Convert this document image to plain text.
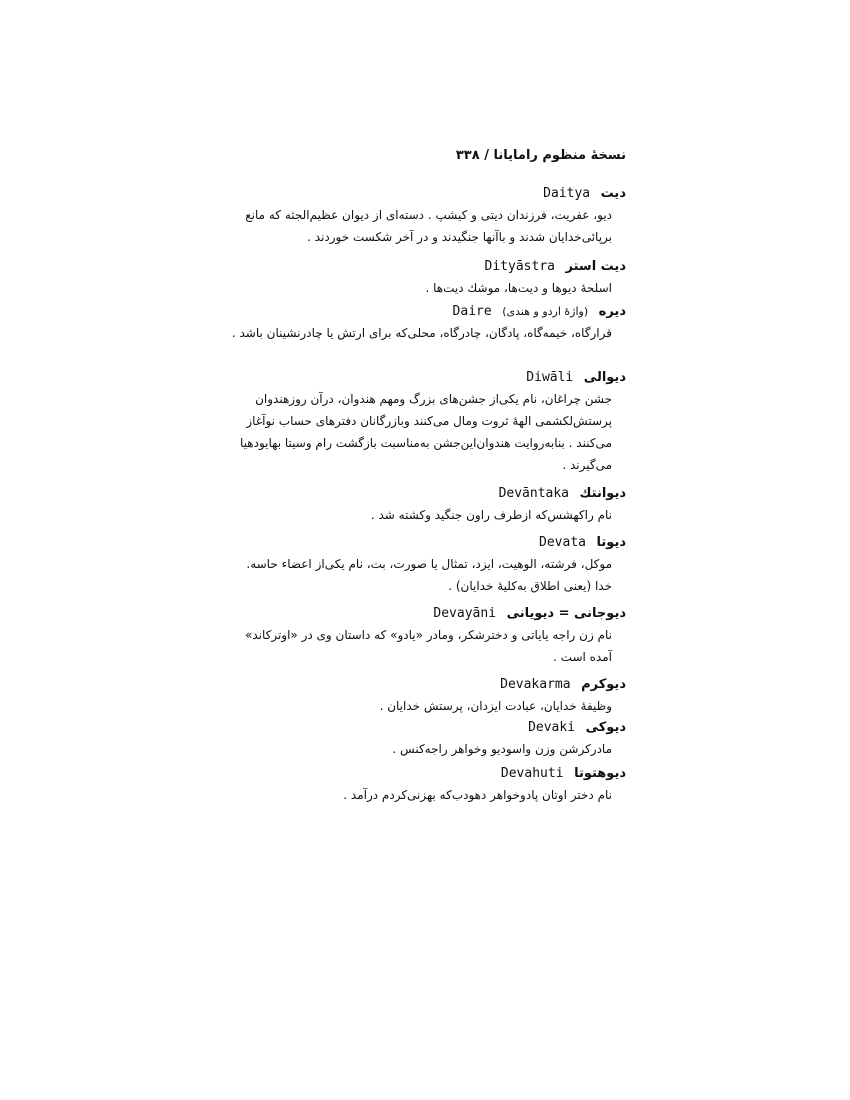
نسخهٔ منظوم رامایانا / ۳۳۸
دیت Daitya
دیو، عفریت، فرزندان دیتی و کیشپ . دسته‌ای از دیوان عظیم‌الجثه که مانع برپائی‌خدایان شدند و باآنها جنگیدند و در آخر شکست خوردند .
دیت استر Dityāstra
اسلحهٔ دیوها و دیت‌ها، موشك دیت‌ها .
دیره (واژهٔ اردو و هندی) Daire
قرارگاه، خیمه‌گاه، پادگان، چادرگاه، محلی‌که برای ارتش یا چادرنشینان باشد .
دیوالی Diwāli
جشن چراغان، نام یکی‌از جشن‌های بزرگ ومهم هندوان، درآن روزهندوان پرستش‌لکشمی الههٔ ثروت ومال می‌کنند وبازرگانان دفترهای حساب نوآغاز می‌کنند . بنابه‌روایت هندوان‌این‌جشن به‌مناسبت بازگشت رام وسیتا بهایودهیا می‌گیرند .
دیوانتك Devāntaka
نام راکهشس‌که ازطرف راون جنگید وکشته شد .
دیوتا Devata
موکل، فرشته، الوهیت، ایزد، تمثال یا صورت، بت، نام یکی‌از اعضاء حاسه. خدا (یعنی اطلاق به‌کلیهٔ خدایان) .
دیوجانی = دیویانی Devayāni
نام زن راجه یایاتی و دخترشکر، ومادر «یادو» که داستان وی در «اوترکاند» آمده است .
دیوکرم Devakarma
وظیفهٔ خدایان، عبادت ایزدان، پرستش خدایان .
دیوکی Devaki
مادرکرشن وزن واسودیو وخواهر راجه‌کنس .
دیوهتوتا Devahuti
نام دختر اوتان پادوخواهر دهودب‌که بهزنی‌کردم درآمد .
